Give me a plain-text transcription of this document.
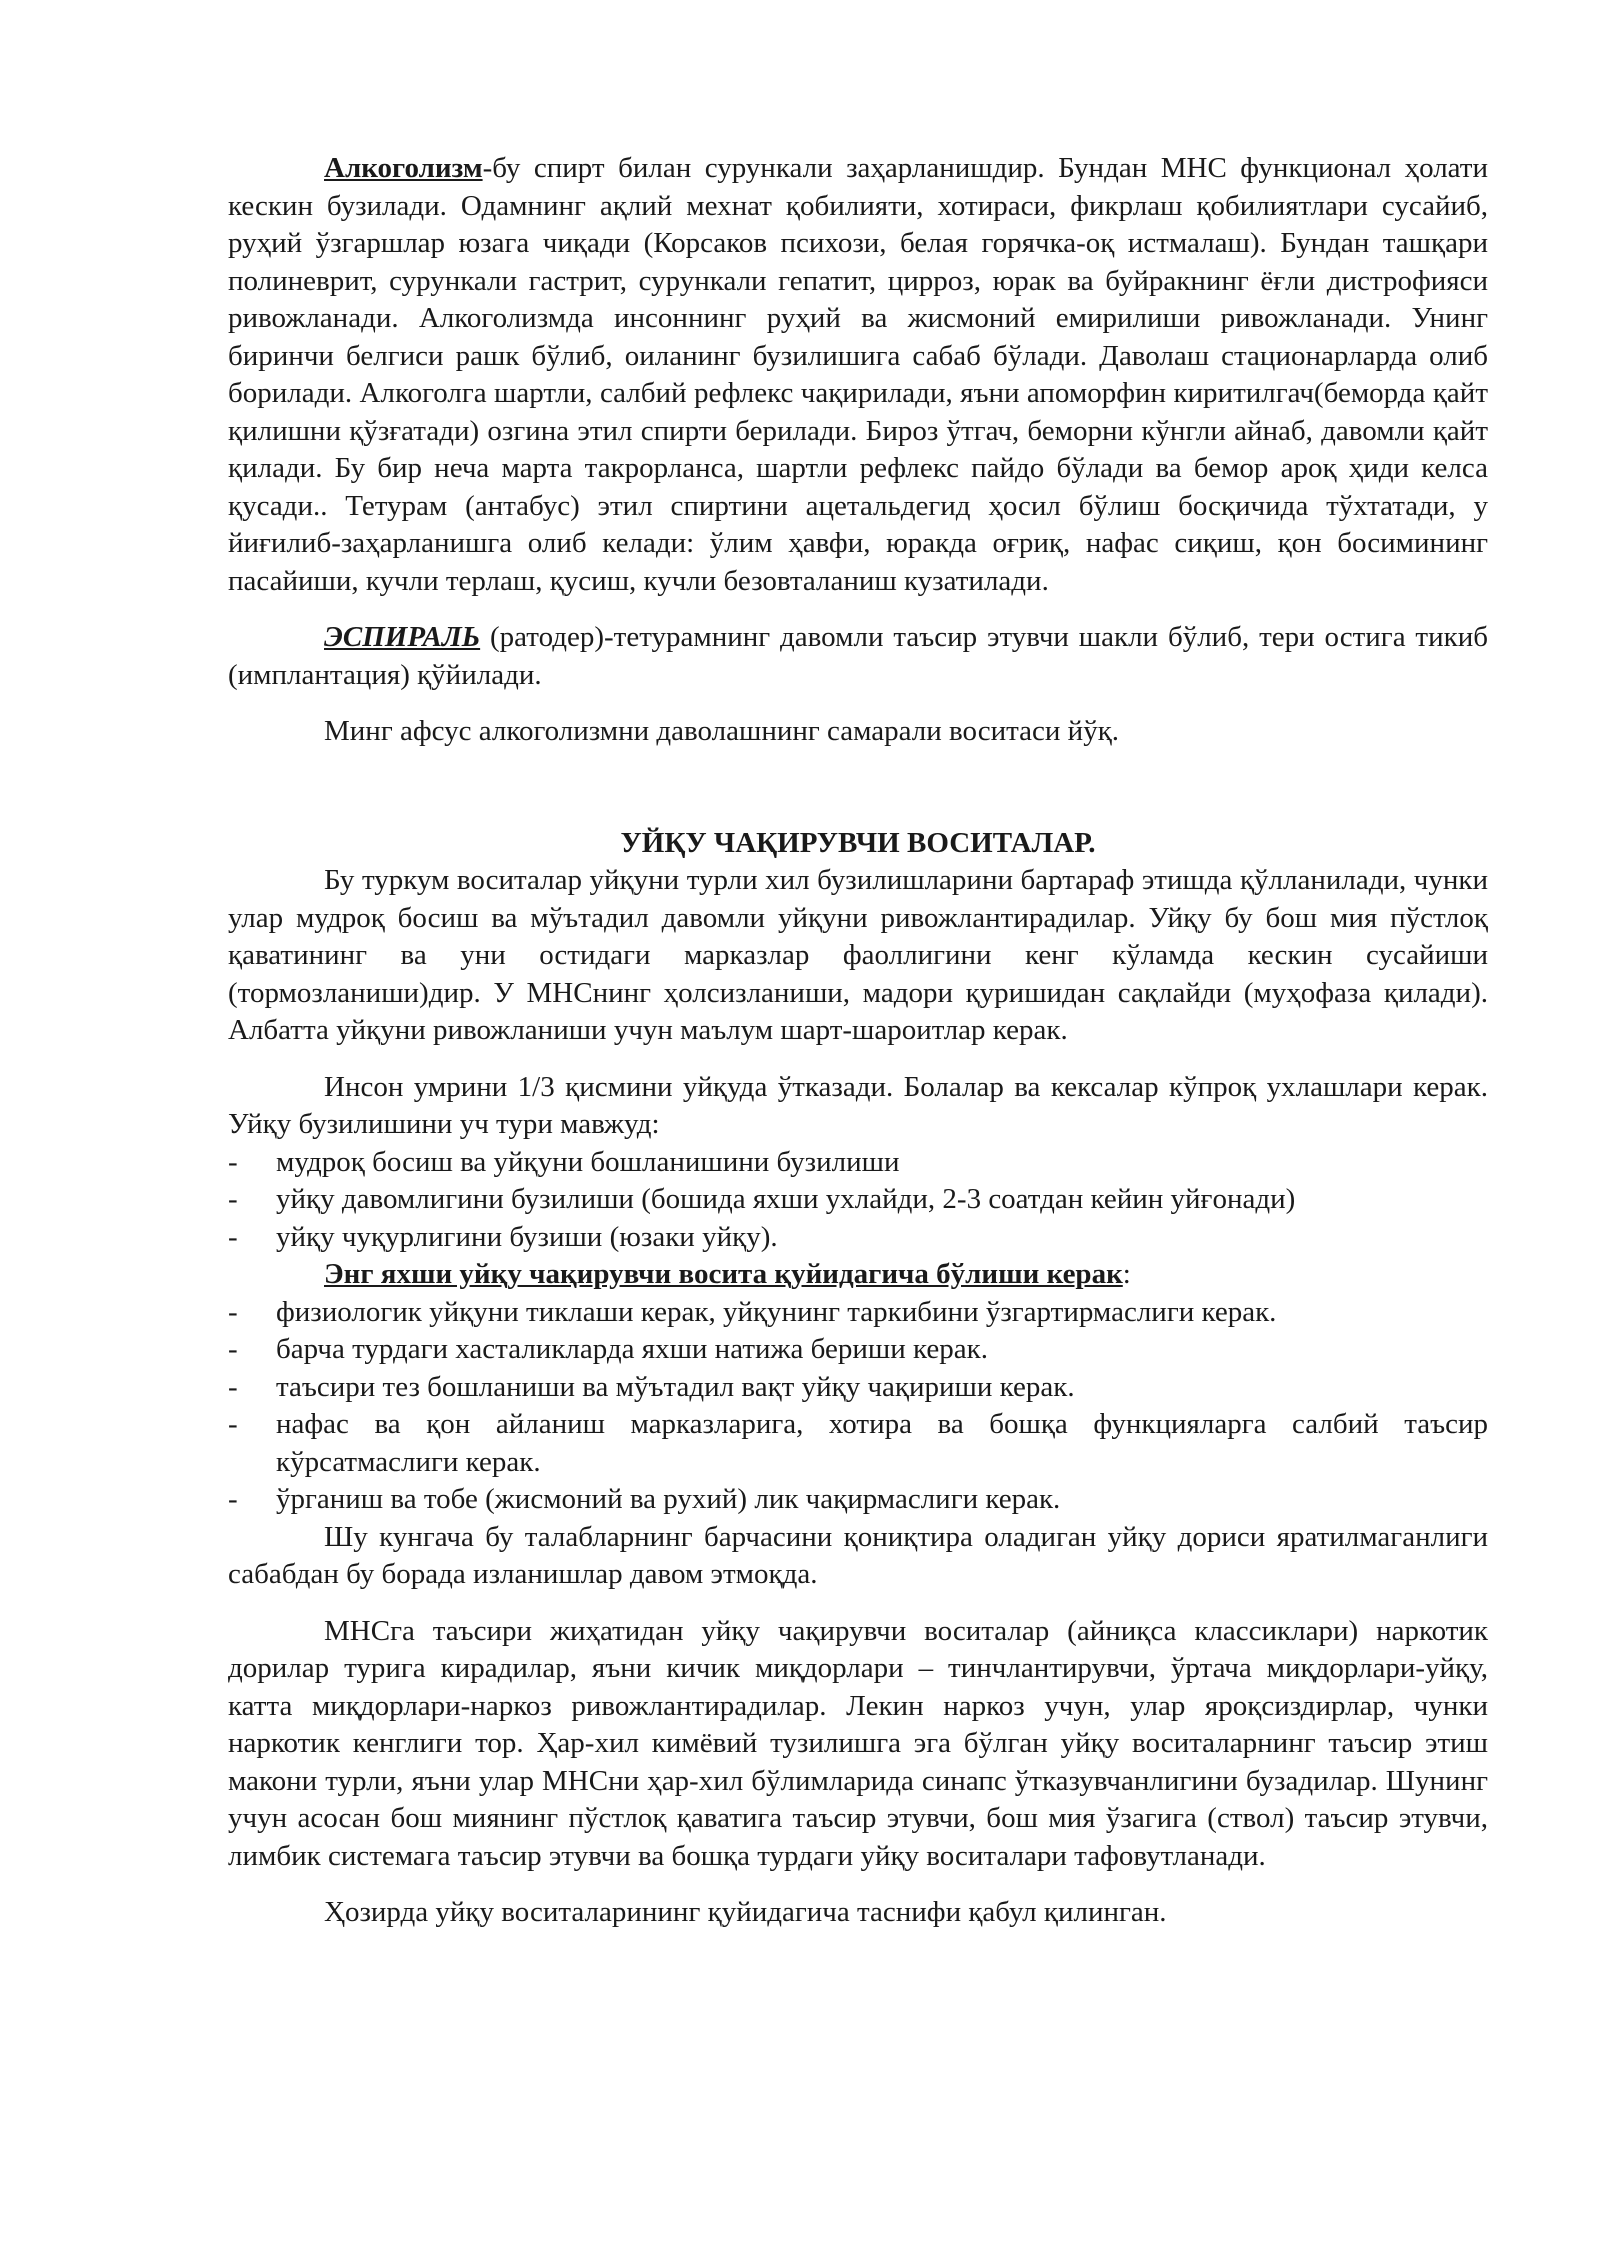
Алкоголизм-бу спирт билан сурункали заҳарланишдир. Бундан МНС функционал ҳолати кескин бузилади. Одамнинг ақлий мехнат қобилияти, хотираси, фикрлаш қобилиятлари сусайиб, руҳий ўзгаршлар юзага чиқади (Корсаков психози, белая горячка-оқ истмалаш). Бундан ташқари полиневрит, сурункали гастрит, сурункали гепатит, цирроз, юрак ва буйракнинг ёғли дистрофияси ривожланади. Алкоголизмда инсоннинг руҳий ва жисмоний емирилиши ривожланади. Унинг биринчи белгиси рашк бўлиб, оиланинг бузилишига сабаб бўлади. Даволаш стационарларда олиб борилади. Алкоголга шартли, салбий рефлекс чақирилади, яъни апоморфин киритилгач(беморда қайт қилишни қўзғатади) озгина этил спирти берилади. Бироз ўтгач, беморни кўнгли айнаб, давомли қайт қилади. Бу бир неча марта такрорланса, шартли рефлекс пайдо бўлади ва бемор арoқ ҳиди келса қусади.. Тетурам (антабус) этил спиртини ацетальдегид ҳосил бўлиш босқичида тўхтатади, у йиғилиб-заҳарланишга олиб келади: ўлим ҳавфи, юракда оғриқ, нафас сиқиш, қон босимининг пасайиши, кучли терлаш, қусиш, кучли безовталаниш кузатилади.

ЭСПИРАЛЬ (ратодер)-тетурамнинг давомли таъсир этувчи шакли бўлиб, тери остига тикиб (имплантация) қўйилади.

Минг афсус алкоголизмни даволашнинг самарали воситаси йўқ.

УЙҚУ ЧАҚИРУВЧИ ВОСИТАЛАР.

Бу туркум воситалар уйқуни турли хил бузилишларини бартараф этишда қўлланилади, чунки улар мудроқ босиш ва мўътадил давомли уйқуни ривожлантирадилар. Уйқу бу бош мия пўстлоқ қаватининг ва уни остидаги марказлар фаоллигини кенг кўламда кескин сусайиши (тормозланиши)дир. У МНСнинг ҳолсизланиши, мадори қуришидан сақлайди (муҳофаза қилади). Албатта уйқуни ривожланиши учун маълум шарт-шароитлар керак.

Инсон умрини 1/3 қисмини уйқуда ўтказади. Болалар ва кексалар кўпроқ ухлашлари керак. Уйқу бузилишини уч тури мавжуд:

- мудроқ босиш ва уйқуни бошланишини бузилиши
- уйқу давомлигини бузилиши (бошида яхши ухлайди, 2-3 соатдан кейин уйғонади)
- уйқу чуқурлигини бузиши (юзаки уйқу).

Энг яхши уйқу чақирувчи восита қуйидагича бўлиши керак:

- физиологик уйқуни тиклаши керак, уйқунинг таркибини ўзгартирмаслиги керак.
- барча турдаги хасталикларда яхши натижа бериши керак.
- таъсири тез бошланиши ва мўътадил вақт уйқу чақириши керак.
- нафас ва қон айланиш марказларига, хотира ва бошқа функцияларга салбий таъсир кўрсатмаслиги керак.
- ўрганиш ва тобе (жисмоний ва рухий) лик чақирмаслиги керак.

Шу кунгача бу талабларнинг барчасини қониқтира оладиган уйқу дориси яратилмаганлиги сабабдан бу борада изланишлар давом этмоқда.

МНСга таъсири жиҳатидан уйқу чақирувчи воситалар (айниқса классиклари) наркотик дорилар турига кирадилар, яъни кичик миқдорлари – тинчлантирувчи, ўртача миқдорлари-уйқу, катта миқдорлари-наркоз ривожлантирадилар. Лекин наркоз учун, улар яроқсиздирлар, чунки наркотик кенглиги тор. Ҳар-хил кимёвий тузилишга эга бўлган уйқу воситаларнинг таъсир этиш макони турли, яъни улар МНСни ҳар-хил бўлимларида синапс ўтказувчанлигини бузадилар. Шунинг учун асосан бош миянинг пўстлоқ қаватига таъсир этувчи, бош мия ўзагига (ствол) таъсир этувчи, лимбик системага таъсир этувчи ва бошқа турдаги уйқу воситалари тафовутланади.

Ҳозирда уйқу воситаларининг қуйидагича таснифи қабул қилинган.
